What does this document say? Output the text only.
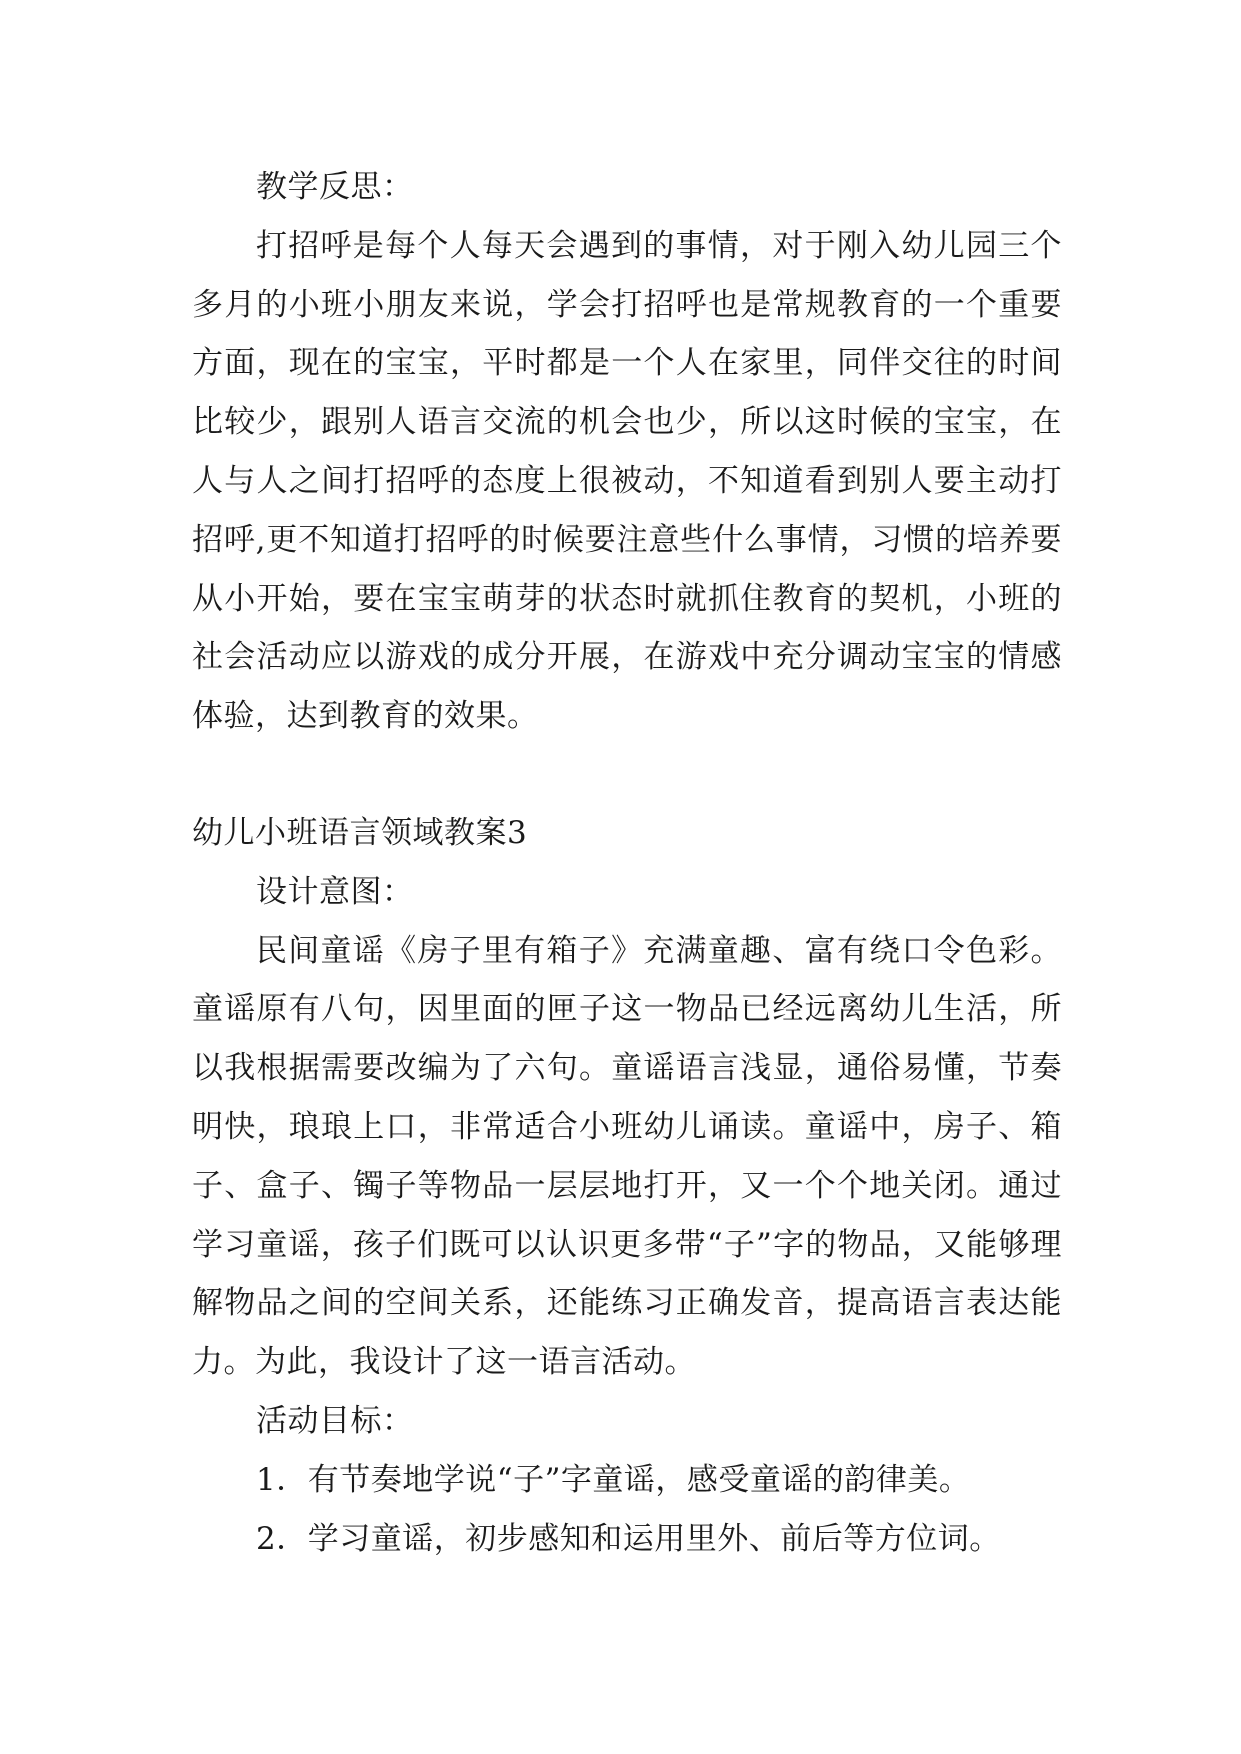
教学反思：

打招呼是每个人每天会遇到的事情，对于刚入幼儿园三个多月的小班小朋友来说，学会打招呼也是常规教育的一个重要方面，现在的宝宝，平时都是一个人在家里，同伴交往的时间比较少，跟别人语言交流的机会也少，所以这时候的宝宝，在人与人之间打招呼的态度上很被动，不知道看到别人要主动打招呼,更不知道打招呼的时候要注意些什么事情，习惯的培养要从小开始，要在宝宝萌芽的状态时就抓住教育的契机，小班的社会活动应以游戏的成分开展，在游戏中充分调动宝宝的情感体验，达到教育的效果。

幼儿小班语言领域教案3

设计意图：

民间童谣《房子里有箱子》充满童趣、富有绕口令色彩。童谣原有八句，因里面的匣子这一物品已经远离幼儿生活，所以我根据需要改编为了六句。童谣语言浅显，通俗易懂，节奏明快，琅琅上口，非常适合小班幼儿诵读。童谣中，房子、箱子、盒子、镯子等物品一层层地打开，又一个个地关闭。通过学习童谣，孩子们既可以认识更多带“子”字的物品，又能够理解物品之间的空间关系，还能练习正确发音，提高语言表达能力。为此，我设计了这一语言活动。

活动目标：

1．有节奏地学说“子”字童谣，感受童谣的韵律美。

2．学习童谣，初步感知和运用里外、前后等方位词。
